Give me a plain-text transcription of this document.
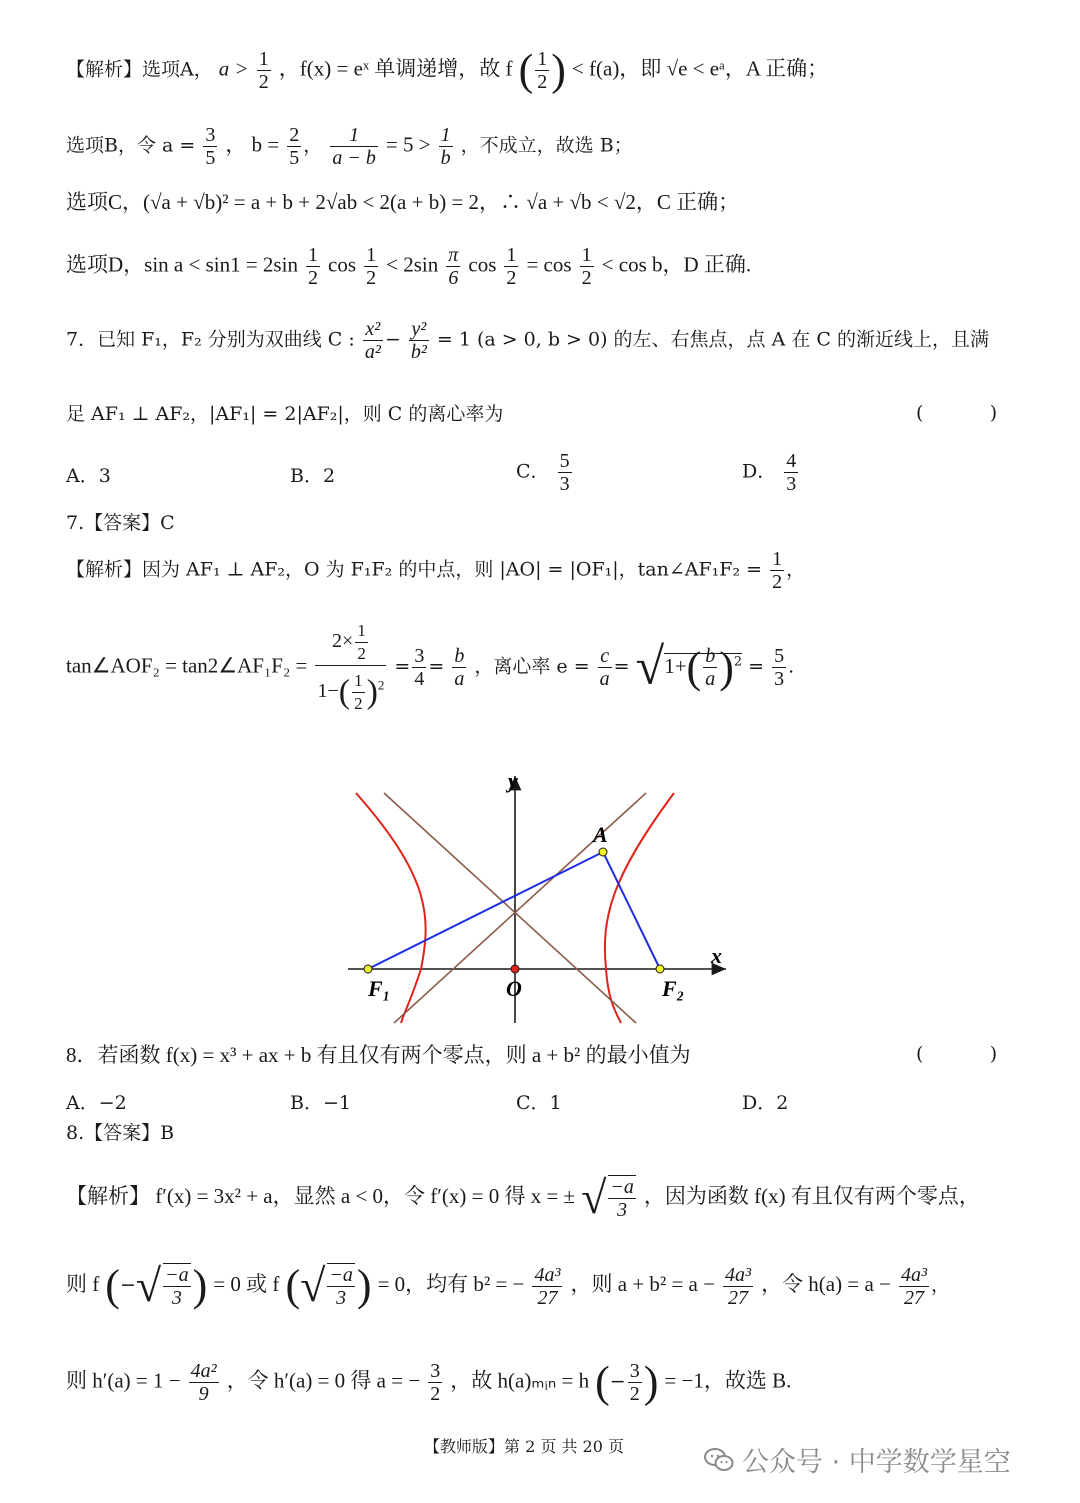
【解析】选项A， $a > \frac{1}{2}$ ，f(x) = eˣ 单调递增，故 f ( $\frac{1}{2}$ ) < f(a)，即 √e < eᵃ，A 正确；
选项B，令 $a = \frac{3}{5}$ ， $b = \frac{2}{5}$ ， $\frac{1}{a - b} = 5 > \frac{1}{b}$ ，不成立，故选 B；
选项C，(√a + √b)² = a + b + 2√ab < 2(a + b) = 2，∴ √a + √b < √2，C 正确；
选项D，$\sin a < \sin 1 = 2\sin \frac{1}{2}$ $\cos \frac{1}{2} < 2\sin \frac{\pi}{6}$ $\cos \frac{1}{2} = \cos \frac{1}{2} < \cos b$，D 正确.
7．已知 F₁，F₂ 分别为双曲线 C : $\frac{\text{x²}}{\text{a²}} - \frac{\text{y²}}{\text{b²}} = 1$ (a > 0, b > 0) 的左、右焦点，点 A 在 C 的渐近线上，且满
足 AF₁ ⊥ AF₂，|AF₁| = 2|AF₂|，则 C 的离心率为	(        )
A．3	B．2	C． $\frac{5}{3}$	D． $\frac{4}{3}$
7.【答案】C
【解析】因为 AF₁ ⊥ AF₂，O 为 F₁F₂ 的中点，则 |AO| = |OF₁|，tan∠AF₁F₂ = $\frac{1}{2}$ ，
tan∠AOF₂ = tan2∠AF₁F₂ = $\frac{2\times \frac{1}{2}}{1-( \frac{1}{2} )^2} = \frac{3}{4} = \frac{b}{a}$ ，离心率 $e = \frac{c}{a} = √1+( \frac{b}{a} )^2 = \frac{5}{3}$ .
y
x
A
F₁	O	F₂
8．若函数 f(x) = x³ + ax + b 有且仅有两个零点，则 a + b² 的最小值为	(        )
A．−2	B．−1	C．1	D．2
8.【答案】B
【解析】 f′(x) = 3x² + a，显然 a < 0，令 f′(x) = 0 得 x = ± √ $\frac{-a}{3}$ ，因为函数 f(x) 有且仅有两个零点，
则 f (−√ $\frac{-a}{3}$ ) = 0 或 f (√ $\frac{-a}{3}$ ) = 0，均有 b² = − $\frac{\text{4a³}}{27}$ ，则 $a + b^2 = a - \frac{\text{4a³}}{27}$ ，令 $h(a) = a - \frac{\text{4a³}}{27}$ ，
则 $h'(a) = 1 - \frac{\text{4a²}}{9}$ ，令 h′(a) = 0 得 a = − $\frac{3}{2}$ ，故 h(a)ₘᵢₙ = h (− $\frac{3}{2}$ ) = −1，故选 B.
【教师版】第 2 页 共 20 页
公众号 · 中学数学星空
